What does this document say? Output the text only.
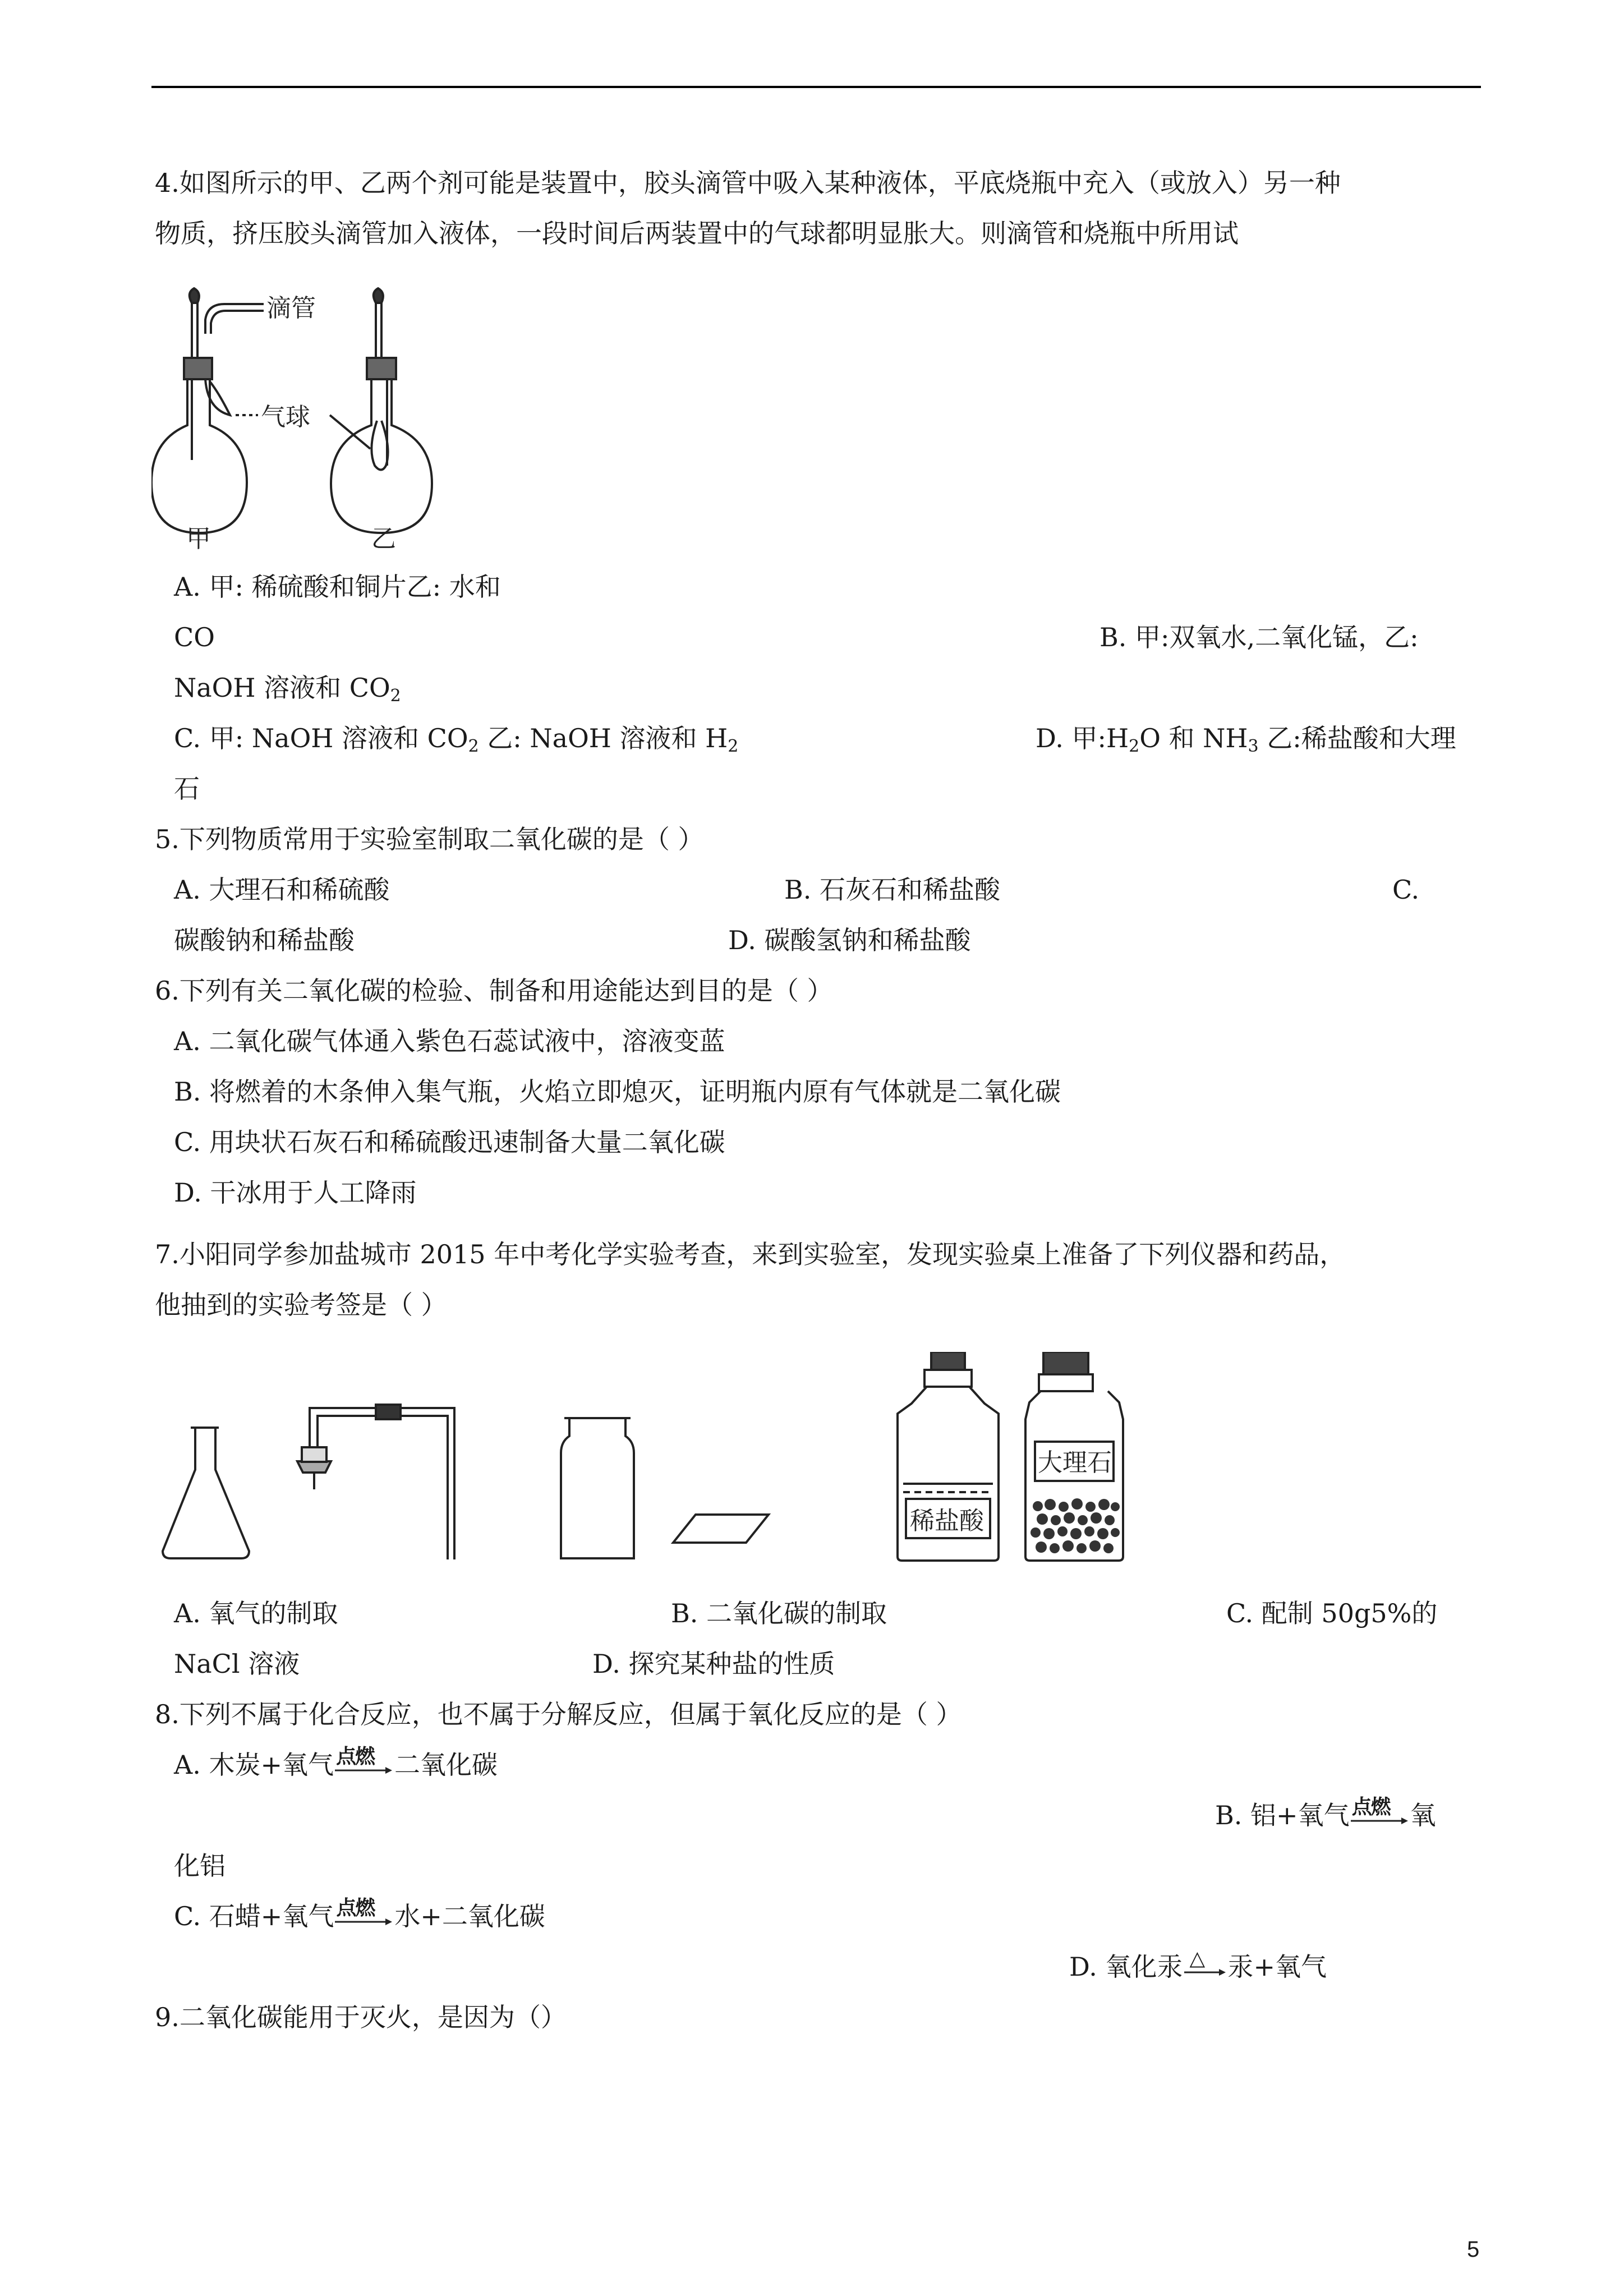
4.如图所示的甲、乙两个剂可能是装置中，胶头滴管中吸入某种液体，平底烧瓶中充入（或放入）另一种
物质，挤压胶头滴管加入液体，一段时间后两装置中的气球都明显胀大。则滴管和烧瓶中所用试
滴管
气球
甲	乙
A. 甲: 稀硫酸和铜片乙: 水和
CO	B. 甲:双氧水,二氧化锰，乙:
NaOH 溶液和 $CO_2$
C. 甲: NaOH 溶液和 $CO_2$ 乙: NaOH 溶液和 $H_2$	D. 甲$:H_2O$ 和 $NH_3$ 乙:稀盐酸和大理
石
5.下列物质常用于实验室制取二氧化碳的是（ ）
A. 大理石和稀硫酸	B. 石灰石和稀盐酸	C.
碳酸钠和稀盐酸	D. 碳酸氢钠和稀盐酸
6.下列有关二氧化碳的检验、制备和用途能达到目的是（ ）
A. 二氧化碳气体通入紫色石蕊试液中，溶液变蓝
B. 将燃着的木条伸入集气瓶，火焰立即熄灭，证明瓶内原有气体就是二氧化碳
C. 用块状石灰石和稀硫酸迅速制备大量二氧化碳
D. 干冰用于人工降雨
7.小阳同学参加盐城市 2015 年中考化学实验考查，来到实验室，发现实验桌上准备了下列仪器和药品，
他抽到的实验考签是（ ）
稀盐酸
大理石
A. 氧气的制取	B. 二氧化碳的制取	C. 配制 50g5%的
NaCl 溶液	D. 探究某种盐的性质
8.下列不属于化合反应，也不属于分解反应，但属于氧化反应的是（ ）
A. 木炭+氧气 点燃 二氧化碳
B. 铝+氧气 点燃 氧
化铝
C. 石蜡+氧气 点燃 水+二氧化碳
D. 氧化汞 △ 汞+氧气
9.二氧化碳能用于灭火，是因为（）
5
